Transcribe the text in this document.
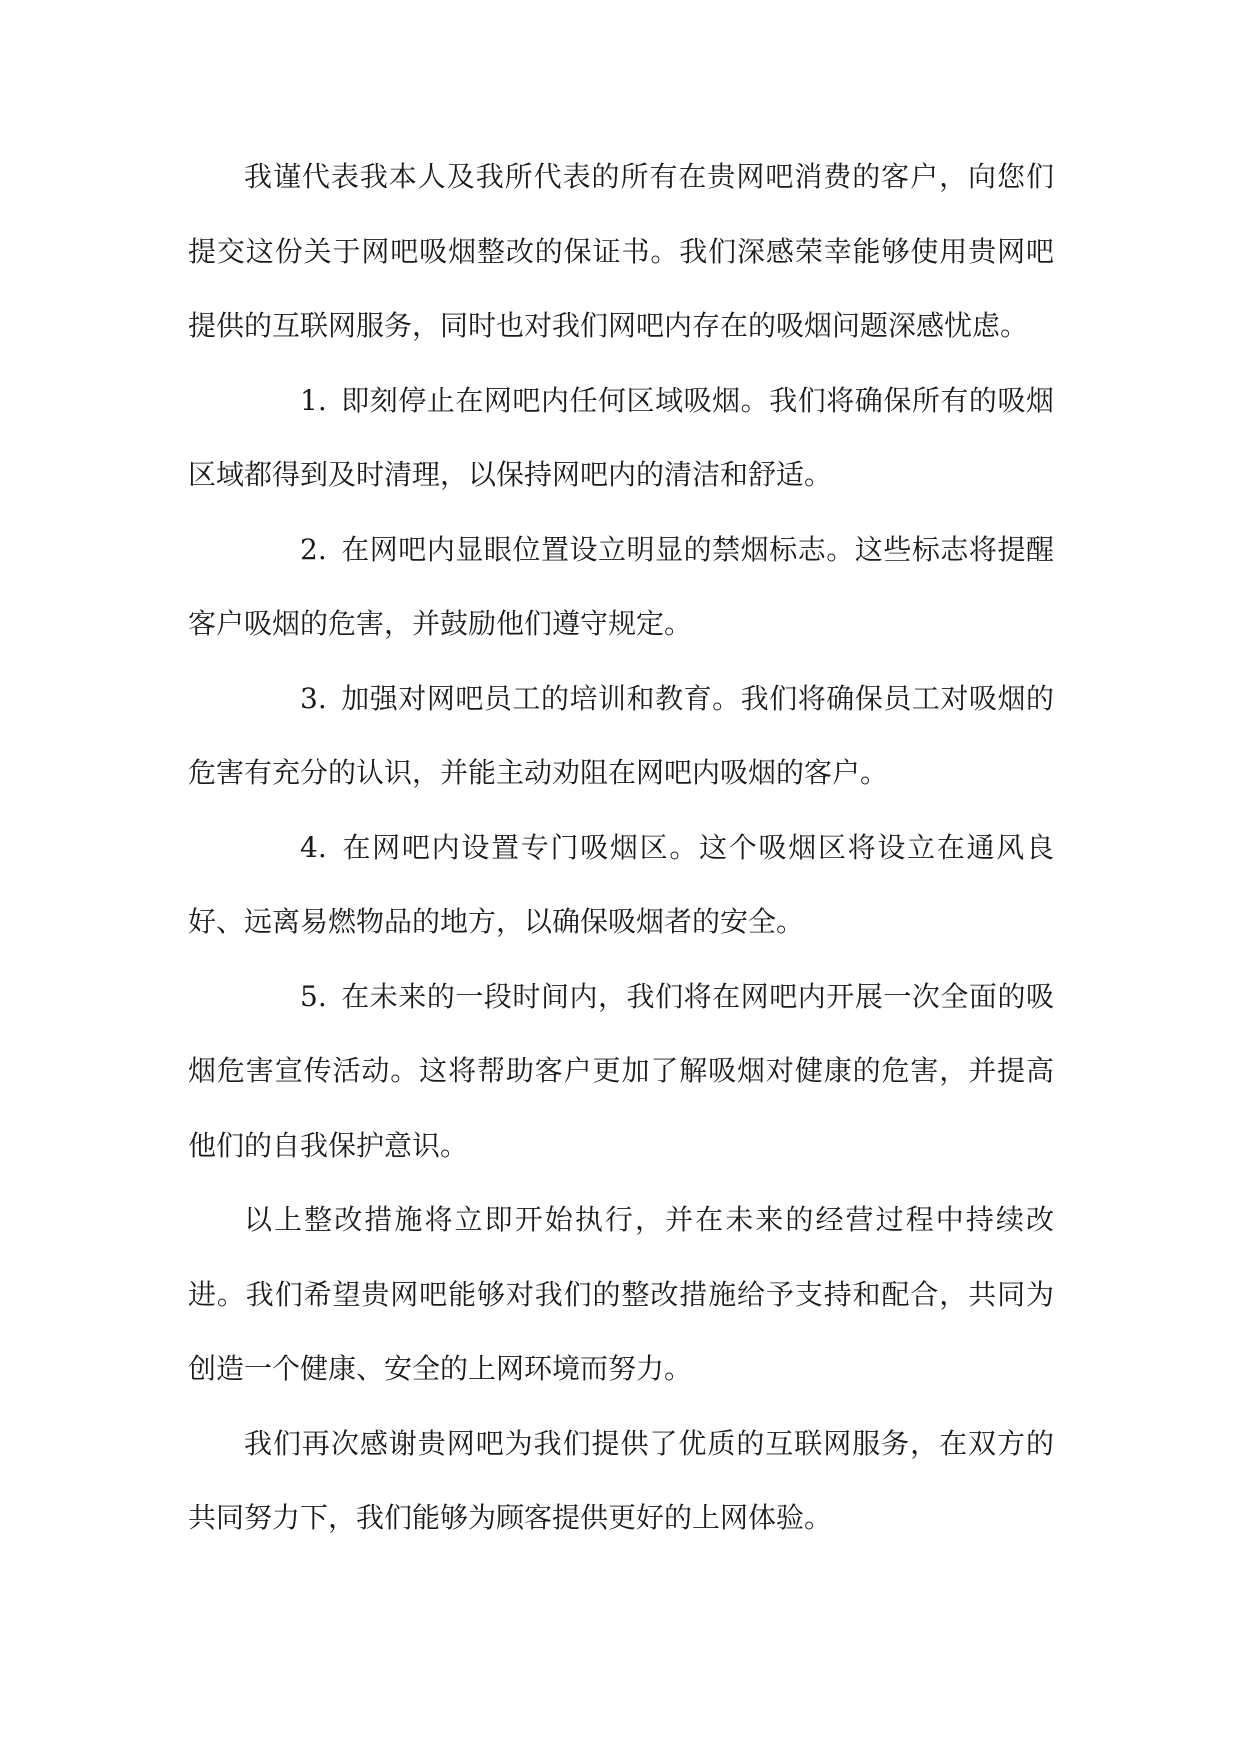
我谨代表我本人及我所代表的所有在贵网吧消费的客户，向您们提交这份关于网吧吸烟整改的保证书。我们深感荣幸能够使用贵网吧提供的互联网服务，同时也对我们网吧内存在的吸烟问题深感忧虑。

1. 即刻停止在网吧内任何区域吸烟。我们将确保所有的吸烟区域都得到及时清理，以保持网吧内的清洁和舒适。

2. 在网吧内显眼位置设立明显的禁烟标志。这些标志将提醒客户吸烟的危害，并鼓励他们遵守规定。

3. 加强对网吧员工的培训和教育。我们将确保员工对吸烟的危害有充分的认识，并能主动劝阻在网吧内吸烟的客户。

4. 在网吧内设置专门吸烟区。这个吸烟区将设立在通风良好、远离易燃物品的地方，以确保吸烟者的安全。

5. 在未来的一段时间内，我们将在网吧内开展一次全面的吸烟危害宣传活动。这将帮助客户更加了解吸烟对健康的危害，并提高他们的自我保护意识。

以上整改措施将立即开始执行，并在未来的经营过程中持续改进。我们希望贵网吧能够对我们的整改措施给予支持和配合，共同为创造一个健康、安全的上网环境而努力。

我们再次感谢贵网吧为我们提供了优质的互联网服务，在双方的共同努力下，我们能够为顾客提供更好的上网体验。
